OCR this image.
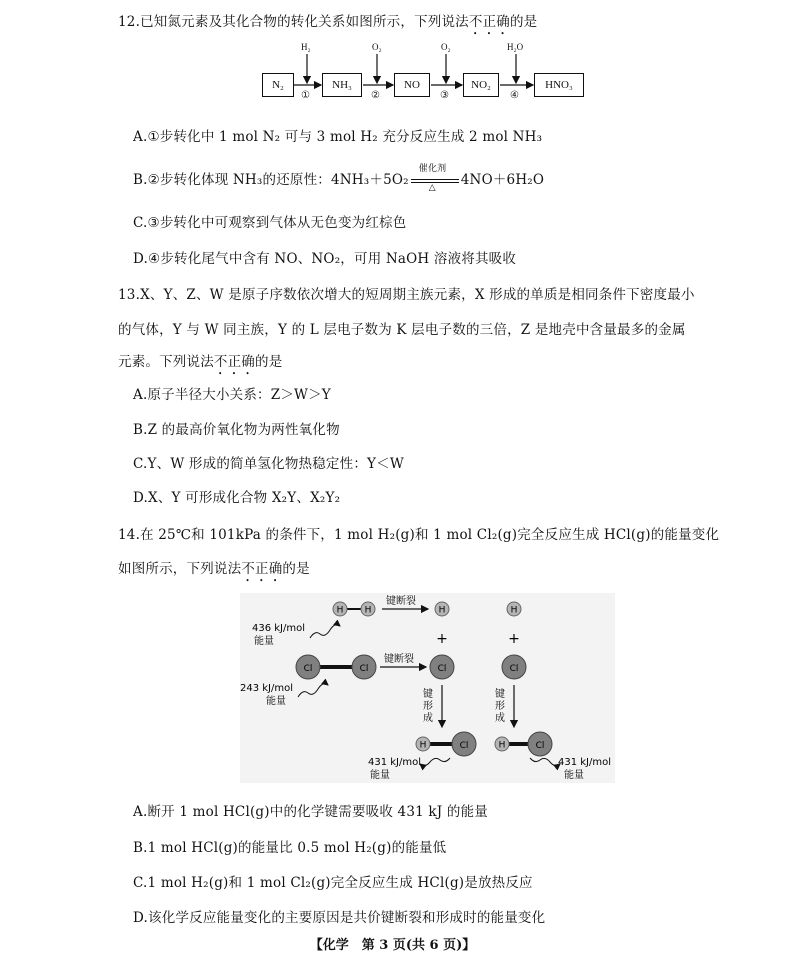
12.已知氮元素及其化合物的转化关系如图所示，下列说法不正确的是
N₂	NH₃	NO	NO₂	HNO₃
H₂	O₂	O₂	H₂O
①	②	③	④
A.①步转化中 1 mol N₂ 可与 3 mol H₂ 充分反应生成 2 mol NH₃
B.②步转化体现 NH₃的还原性：4NH₃＋5O₂
催化剂
△ 4NO＋6H₂O
C.③步转化中可观察到气体从无色变为红棕色
D.④步转化尾气中含有 NO、NO₂，可用 NaOH 溶液将其吸收
13.X、Y、Z、W 是原子序数依次增大的短周期主族元素，X 形成的单质是相同条件下密度最小
的气体，Y 与 W 同主族，Y 的 L 层电子数为 K 层电子数的三倍，Z 是地壳中含量最多的金属
元素。下列说法不正确的是
A.原子半径大小关系：Z＞W＞Y
B.Z 的最高价氧化物为两性氧化物
C.Y、W 形成的简单氢化物热稳定性：Y＜W
D.X、Y 可形成化合物 X₂Y、X₂Y₂
14.在 25℃和 101kPa 的条件下，1 mol H₂(g)和 1 mol Cl₂(g)完全反应生成 HCl(g)的能量变化
如图所示，下列说法不正确的是
H H
键断裂
H	H
+	+
436 kJ/mol
能量
Cl	Cl
键断裂
Cl	Cl
243 kJ/mol
能量
键
形
成
键
形
成
H	Cl	H	Cl
431 kJ/mol
能量
431 kJ/mol
能量
A.断开 1 mol HCl(g)中的化学键需要吸收 431 kJ 的能量
B.1 mol HCl(g)的能量比 0.5 mol H₂(g)的能量低
C.1 mol H₂(g)和 1 mol Cl₂(g)完全反应生成 HCl(g)是放热反应
D.该化学反应能量变化的主要原因是共价键断裂和形成时的能量变化
【化学　第 3 页(共 6 页)】
